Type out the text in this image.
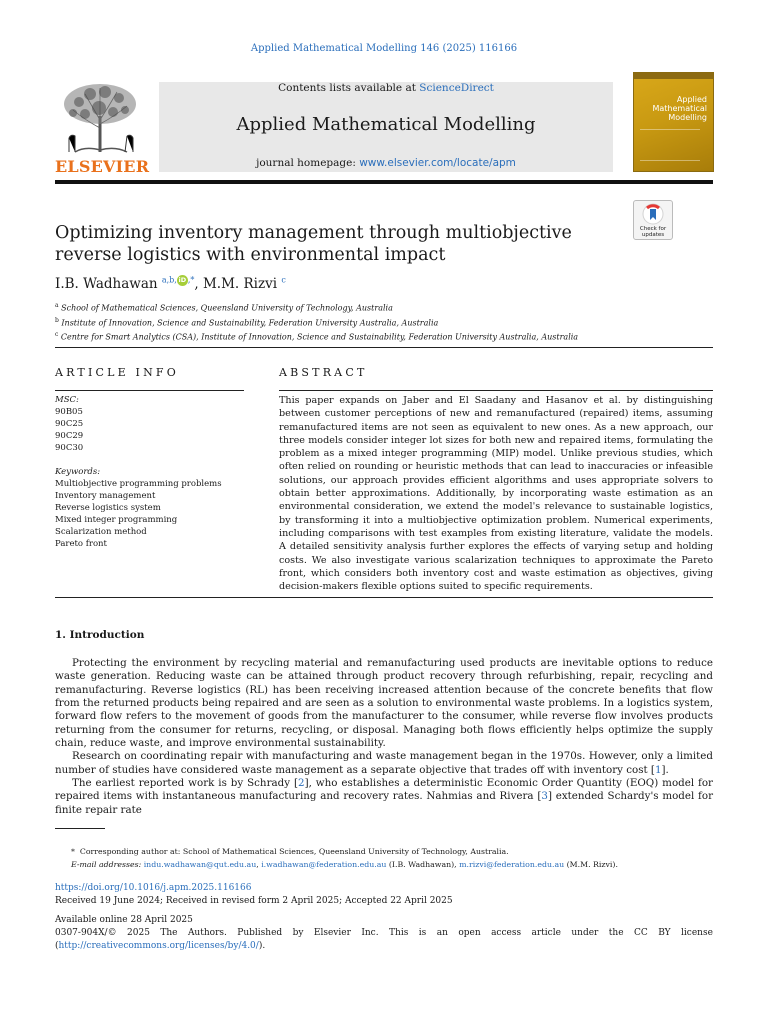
Applied Mathematical Modelling 146 (2025) 116166
ELSEVIER
Contents lists available at ScienceDirect
Applied Mathematical Modelling
journal homepage: www.elsevier.com/locate/apm
Applied
Mathematical
Modelling
Optimizing inventory management through multiobjective reverse logistics with environmental impact
Check for updates
I.B. Wadhawan $^{a,b,}$ iD ,*, M.M. Rizvi $^c$
$^a$ School of Mathematical Sciences, Queensland University of Technology, Australia
$^b$ Institute of Innovation, Science and Sustainability, Federation University Australia, Australia
$^c$ Centre for Smart Analytics (CSA), Institute of Innovation, Science and Sustainability, Federation University Australia, Australia
ARTICLE INFO	ABSTRACT
MSC:
90B05
90C25
90C29
90C30
Keywords:
Multiobjective programming problems
Inventory management
Reverse logistics system
Mixed integer programming
Scalarization method
Pareto front
This paper expands on Jaber and El Saadany and Hasanov et al. by distinguishing between customer perceptions of new and remanufactured (repaired) items, assuming remanufactured items are not seen as equivalent to new ones. As a new approach, our three models consider integer lot sizes for both new and repaired items, formulating the problem as a mixed integer programming (MIP) model. Unlike previous studies, which often relied on rounding or heuristic methods that can lead to inaccuracies or infeasible solutions, our approach provides efficient algorithms and uses appropriate solvers to obtain better approximations. Additionally, by incorporating waste estimation as an environmental consideration, we extend the model's relevance to sustainable logistics, by transforming it into a multiobjective optimization problem. Numerical experiments, including comparisons with test examples from existing literature, validate the models. A detailed sensitivity analysis further explores the effects of varying setup and holding costs. We also investigate various scalarization techniques to approximate the Pareto front, which considers both inventory cost and waste estimation as objectives, giving decision-makers flexible options suited to specific requirements.
1. Introduction

Protecting the environment by recycling material and remanufacturing used products are inevitable options to reduce waste generation. Reducing waste can be attained through product recovery through refurbishing, repair, recycling and remanufacturing. Reverse logistics (RL) has been receiving increased attention because of the concrete benefits that flow from the returned products being repaired and are seen as a solution to environmental waste problems. In a logistics system, forward flow refers to the movement of goods from the manufacturer to the consumer, while reverse flow involves products returning from the consumer for returns, recycling, or disposal. Managing both flows efficiently helps optimize the supply chain, reduce waste, and improve environmental sustainability.

Research on coordinating repair with manufacturing and waste management began in the 1970s. However, only a limited number of studies have considered waste management as a separate objective that trades off with inventory cost [1].

The earliest reported work is by Schrady [2], who establishes a deterministic Economic Order Quantity (EOQ) model for repaired items with instantaneous manufacturing and recovery rates. Nahmias and Rivera [3] extended Schardy's model for finite repair rate

*  Corresponding author at: School of Mathematical Sciences, Queensland University of Technology, Australia.
E-mail addresses: indu.wadhawan@qut.edu.au, i.wadhawan@federation.edu.au (I.B. Wadhawan), m.rizvi@federation.edu.au (M.M. Rizvi).
https://doi.org/10.1016/j.apm.2025.116166
Received 19 June 2024; Received in revised form 2 April 2025; Accepted 22 April 2025
Available online 28 April 2025
0307-904X/© 2025 The Authors. Published by Elsevier Inc. This is an open access article under the CC BY license
(http://creativecommons.org/licenses/by/4.0/).
